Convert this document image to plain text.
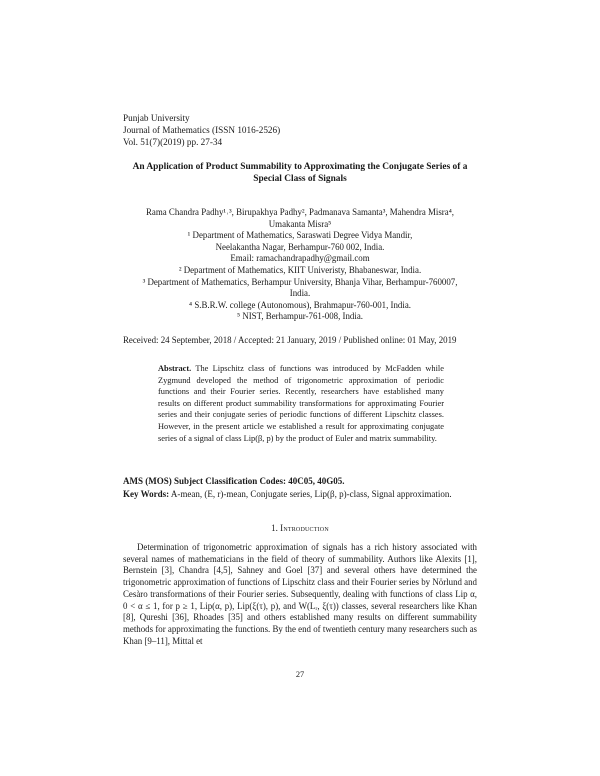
Punjab University
Journal of Mathematics (ISSN 1016-2526)
Vol. 51(7)(2019) pp. 27-34
An Application of Product Summability to Approximating the Conjugate Series of a
Special Class of Signals
Rama Chandra Padhy¹˒³, Birupakhya Padhy², Padmanava Samanta³, Mahendra Misra⁴,
Umakanta Misra⁵
¹ Department of Mathematics, Saraswati Degree Vidya Mandir,
Neelakantha Nagar, Berhampur-760 002, India.
Email: ramachandrapadhy@gmail.com
² Department of Mathematics, KIIT Univeristy, Bhabaneswar, India.
³ Department of Mathematics, Berhampur University, Bhanja Vihar, Berhampur-760007,
India.
⁴ S.B.R.W. college (Autonomous), Brahmapur-760-001, India.
⁵ NIST, Berhampur-761-008, India.
Received: 24 September, 2018 / Accepted: 21 January, 2019 / Published online: 01 May, 2019
Abstract. The Lipschitz class of functions was introduced by McFadden while Zygmund developed the method of trigonometric approximation of periodic functions and their Fourier series. Recently, researchers have established many results on different product summability transformations for approximating Fourier series and their conjugate series of periodic functions of different Lipschitz classes. However, in the present article we established a result for approximating conjugate series of a signal of class Lip(β, p) by the product of Euler and matrix summability.
AMS (MOS) Subject Classification Codes: 40C05, 40G05.
Key Words: A-mean, (E, r)-mean, Conjugate series, Lip(β, p)-class, Signal approximation.
1. Introduction

Determination of trigonometric approximation of signals has a rich history associated with several names of mathematicians in the field of theory of summability. Authors like Alexits [1], Bernstein [3], Chandra [4,5], Sahney and Goel [37] and several others have determined the trigonometric approximation of functions of Lipschitz class and their Fourier series by Nörlund and Cesàro transformations of their Fourier series. Subsequently, dealing with functions of class Lip α, 0 < α ≤ 1, for p ≥ 1, Lip(α, p), Lip(ξ(τ), p), and W(Lᵣ, ξ(τ)) classes, several researchers like Khan [8], Qureshi [36], Rhoades [35] and others established many results on different summability methods for approximating the functions. By the end of twentieth century many researchers such as Khan [9–11], Mittal et

27
